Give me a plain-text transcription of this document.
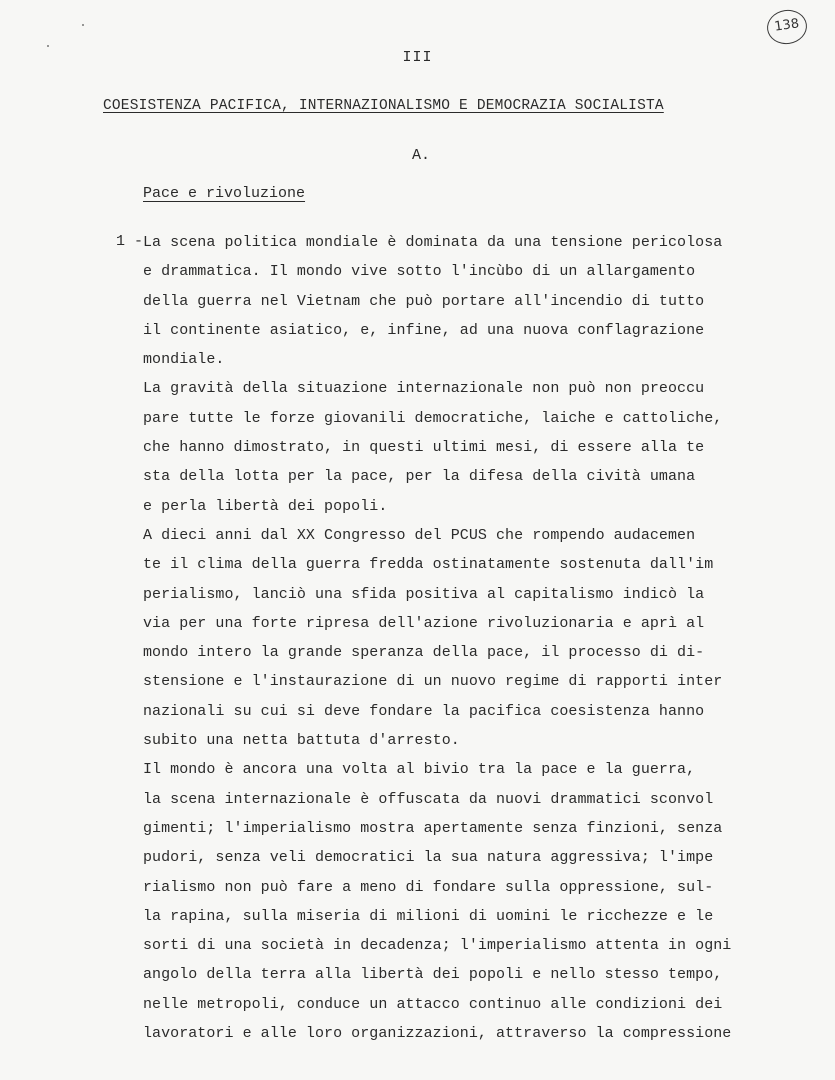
138
III
COESISTENZA PACIFICA, INTERNAZIONALISMO E DEMOCRAZIA SOCIALISTA
A.
Pace e rivoluzione
1 - La scena politica mondiale è dominata da una tensione pericolosa
e drammatica. Il mondo vive sotto l'incùbo di un allargamento
della guerra nel Vietnam che può portare all'incendio di tutto
il continente asiatico, e, infine, ad una nuova conflagrazione
mondiale.
La gravità della situazione internazionale non può non preoccu
pare tutte le forze giovanili democratiche, laiche e cattoliche,
che hanno dimostrato, in questi ultimi mesi, di essere alla te
sta della lotta per la pace, per la difesa della cività umana
e perla libertà dei popoli.
A dieci anni dal XX Congresso del PCUS che rompendo audacemen
te il clima della guerra fredda ostinatamente sostenuta dall'im
perialismo, lanciò una sfida positiva al capitalismo indicò la
via per una forte ripresa dell'azione rivoluzionaria e aprì al
mondo intero la grande speranza della pace, il processo di di-
stensione e l'instaurazione di un nuovo regime di rapporti inter
nazionali su cui si deve fondare la pacifica coesistenza hanno
subito una netta battuta d'arresto.
Il mondo è ancora una volta al bivio tra la pace e la guerra,
la scena internazionale è offuscata da nuovi drammatici sconvol
gimenti; l'imperialismo mostra apertamente senza finzioni, senza
pudori, senza veli democratici la sua natura aggressiva; l'impe
rialismo non può fare a meno di fondare sulla oppressione, sul-
la rapina, sulla miseria di milioni di uomini le ricchezze e le
sorti di una società in decadenza; l'imperialismo attenta in ogni
angolo della terra alla libertà dei popoli e nello stesso tempo,
nelle metropoli, conduce un attacco continuo alle condizioni dei
lavoratori e alle loro organizzazioni, attraverso la compressione
